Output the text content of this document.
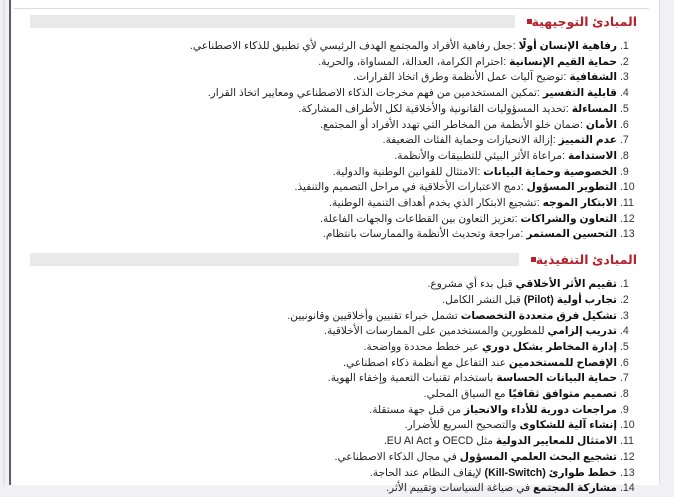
المبادئ التوجيهية
1. رفاهية الإنسان أولًا :جعل رفاهية الأفراد والمجتمع الهدف الرئيسي لأي تطبيق للذكاء الاصطناعي.
2. حماية القيم الإنسانية :احترام الكرامة، العدالة، المساواة، والحرية.
3. الشفافية :توضيح آليات عمل الأنظمة وطرق اتخاذ القرارات.
4. قابلية التفسير :تمكين المستخدمين من فهم مخرجات الذكاء الاصطناعي ومعايير اتخاذ القرار.
5. المساءلة :تحديد المسؤوليات القانونية والأخلاقية لكل الأطراف المشاركة.
6. الأمان :ضمان خلو الأنظمة من المخاطر التي تهدد الأفراد أو المجتمع.
7. عدم التمييز :إزالة الانحيازات وحماية الفئات الضعيفة.
8. الاستدامة :مراعاة الأثر البيئي للتطبيقات والأنظمة.
9. الخصوصية وحماية البيانات :الامتثال للقوانين الوطنية والدولية.
10. التطوير المسؤول :دمج الاعتبارات الأخلاقية في مراحل التصميم والتنفيذ.
11. الابتكار الموجه :تشجيع الابتكار الذي يخدم أهداف التنمية الوطنية.
12. التعاون والشراكات :تعزيز التعاون بين القطاعات والجهات الفاعلة.
13. التحسين المستمر :مراجعة وتحديث الأنظمة والممارسات بانتظام.
المبادئ التنفيذية
1. تقييم الأثر الأخلاقي قبل بدء أي مشروع.
2. تجارب أولية (Pilot) قبل النشر الكامل.
3. تشكيل فرق متعددة التخصصات تشمل خبراء تقنيين وأخلاقيين وقانونيين.
4. تدريب إلزامي للمطورين والمستخدمين على الممارسات الأخلاقية.
5. إدارة المخاطر بشكل دوري عبر خطط محددة وواضحة.
6. الإفصاح للمستخدمين عند التفاعل مع أنظمة ذكاء اصطناعي.
7. حماية البيانات الحساسة باستخدام تقنيات التعمية وإخفاء الهوية.
8. تصميم متوافق ثقافيًا مع السياق المحلي.
9. مراجعات دورية للأداء والانحياز من قبل جهة مستقلة.
10. إنشاء آلية للشكاوى والتصحيح السريع للأضرار.
11. الامتثال للمعايير الدولية مثل OECD و EU AI Act.
12. تشجيع البحث العلمي المسؤول في مجال الذكاء الاصطناعي.
13. خطط طوارئ (Kill-Switch) لإيقاف النظام عند الحاجة.
14. مشاركة المجتمع في صياغة السياسات وتقييم الأثر.
